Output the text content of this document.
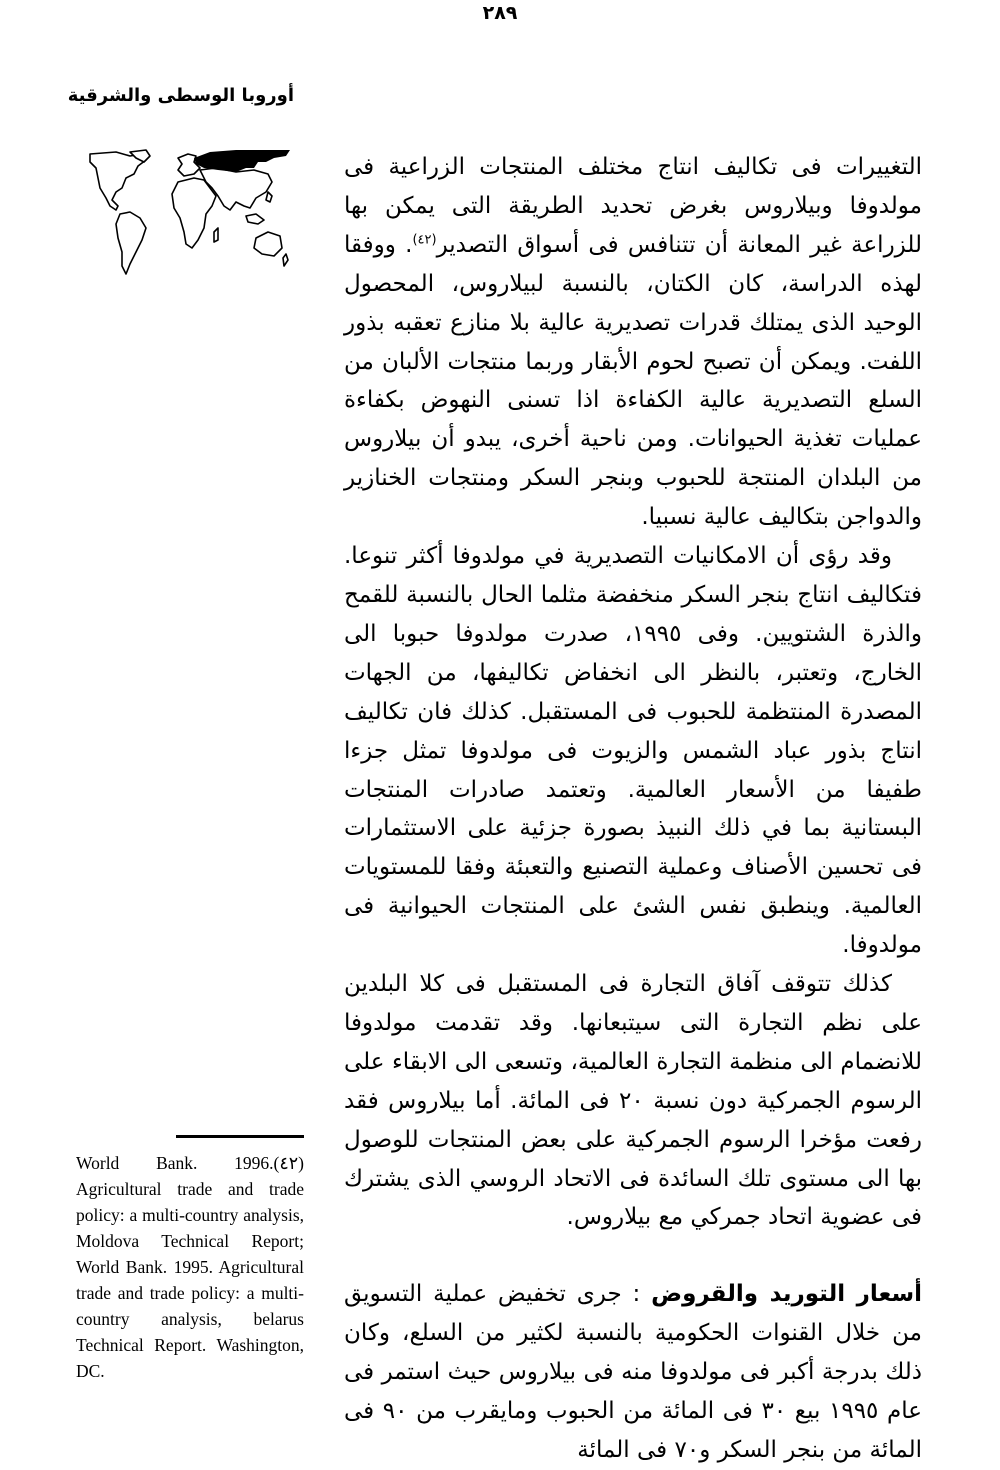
٢٨٩
أوروبا الوسطى والشرقية

التغييرات فى تكاليف انتاج مختلف المنتجات الزراعية فى مولدوفا وبيلاروس بغرض تحديد الطريقة التى يمكن بها للزراعة غير المعانة أن تتنافس فى أسواق التصدير$^{(٤٢)}$. ووفقا لهذه الدراسة، كان الكتان، بالنسبة لبيلاروس، المحصول الوحيد الذى يمتلك قدرات تصديرية عالية بلا منازع تعقبه بذور اللفت. ويمكن أن تصبح لحوم الأبقار وربما منتجات الألبان من السلع التصديرية عالية الكفاءة اذا تسنى النهوض بكفاءة عمليات تغذية الحيوانات. ومن ناحية أخرى، يبدو أن بيلاروس من البلدان المنتجة للحبوب وبنجر السكر ومنتجات الخنازير والدواجن بتكاليف عالية نسبيا.

وقد رؤى أن الامكانيات التصديرية في مولدوفا أكثر تنوعا. فتكاليف انتاج بنجر السكر منخفضة مثلما الحال بالنسبة للقمح والذرة الشتويين. وفى ١٩٩٥، صدرت مولدوفا حبوبا الى الخارج، وتعتبر، بالنظر الى انخفاض تكاليفها، من الجهات المصدرة المنتظمة للحبوب فى المستقبل. كذلك فان تكاليف انتاج بذور عباد الشمس والزيوت فى مولدوفا تمثل جزءا طفيفا من الأسعار العالمية. وتعتمد صادرات المنتجات البستانية بما في ذلك النبيذ بصورة جزئية على الاستثمارات فى تحسين الأصناف وعملية التصنيع والتعبئة وفقا للمستويات العالمية. وينطبق نفس الشئ على المنتجات الحيوانية فى مولدوفا.

كذلك تتوقف آفاق التجارة فى المستقبل فى كلا البلدين على نظم التجارة التى سيتبعانها. وقد تقدمت مولدوفا للانضمام الى منظمة التجارة العالمية، وتسعى الى الابقاء على الرسوم الجمركية دون نسبة ٢٠ فى المائة. أما بيلاروس فقد رفعت مؤخرا الرسوم الجمركية على بعض المنتجات للوصول بها الى مستوى تلك السائدة فى الاتحاد الروسي الذى يشترك فى عضوية اتحاد جمركي مع بيلاروس.

أسعار التوريد والقروض : جرى تخفيض عملية التسويق من خلال القنوات الحكومية بالنسبة لكثير من السلع، وكان ذلك بدرجة أكبر فى مولدوفا منه فى بيلاروس حيث استمر فى عام ١٩٩٥ بيع ٣٠ فى المائة من الحبوب ومايقرب من ٩٠ فى المائة من بنجر السكر و٧٠ فى المائة

(٤٢)
World Bank. 1996. Agricultural trade and trade policy: a multi-country analysis, Moldova Technical Report; World Bank. 1995. Agricultural trade and trade policy: a multi-country analysis, belarus Technical Report. Washington, DC.
